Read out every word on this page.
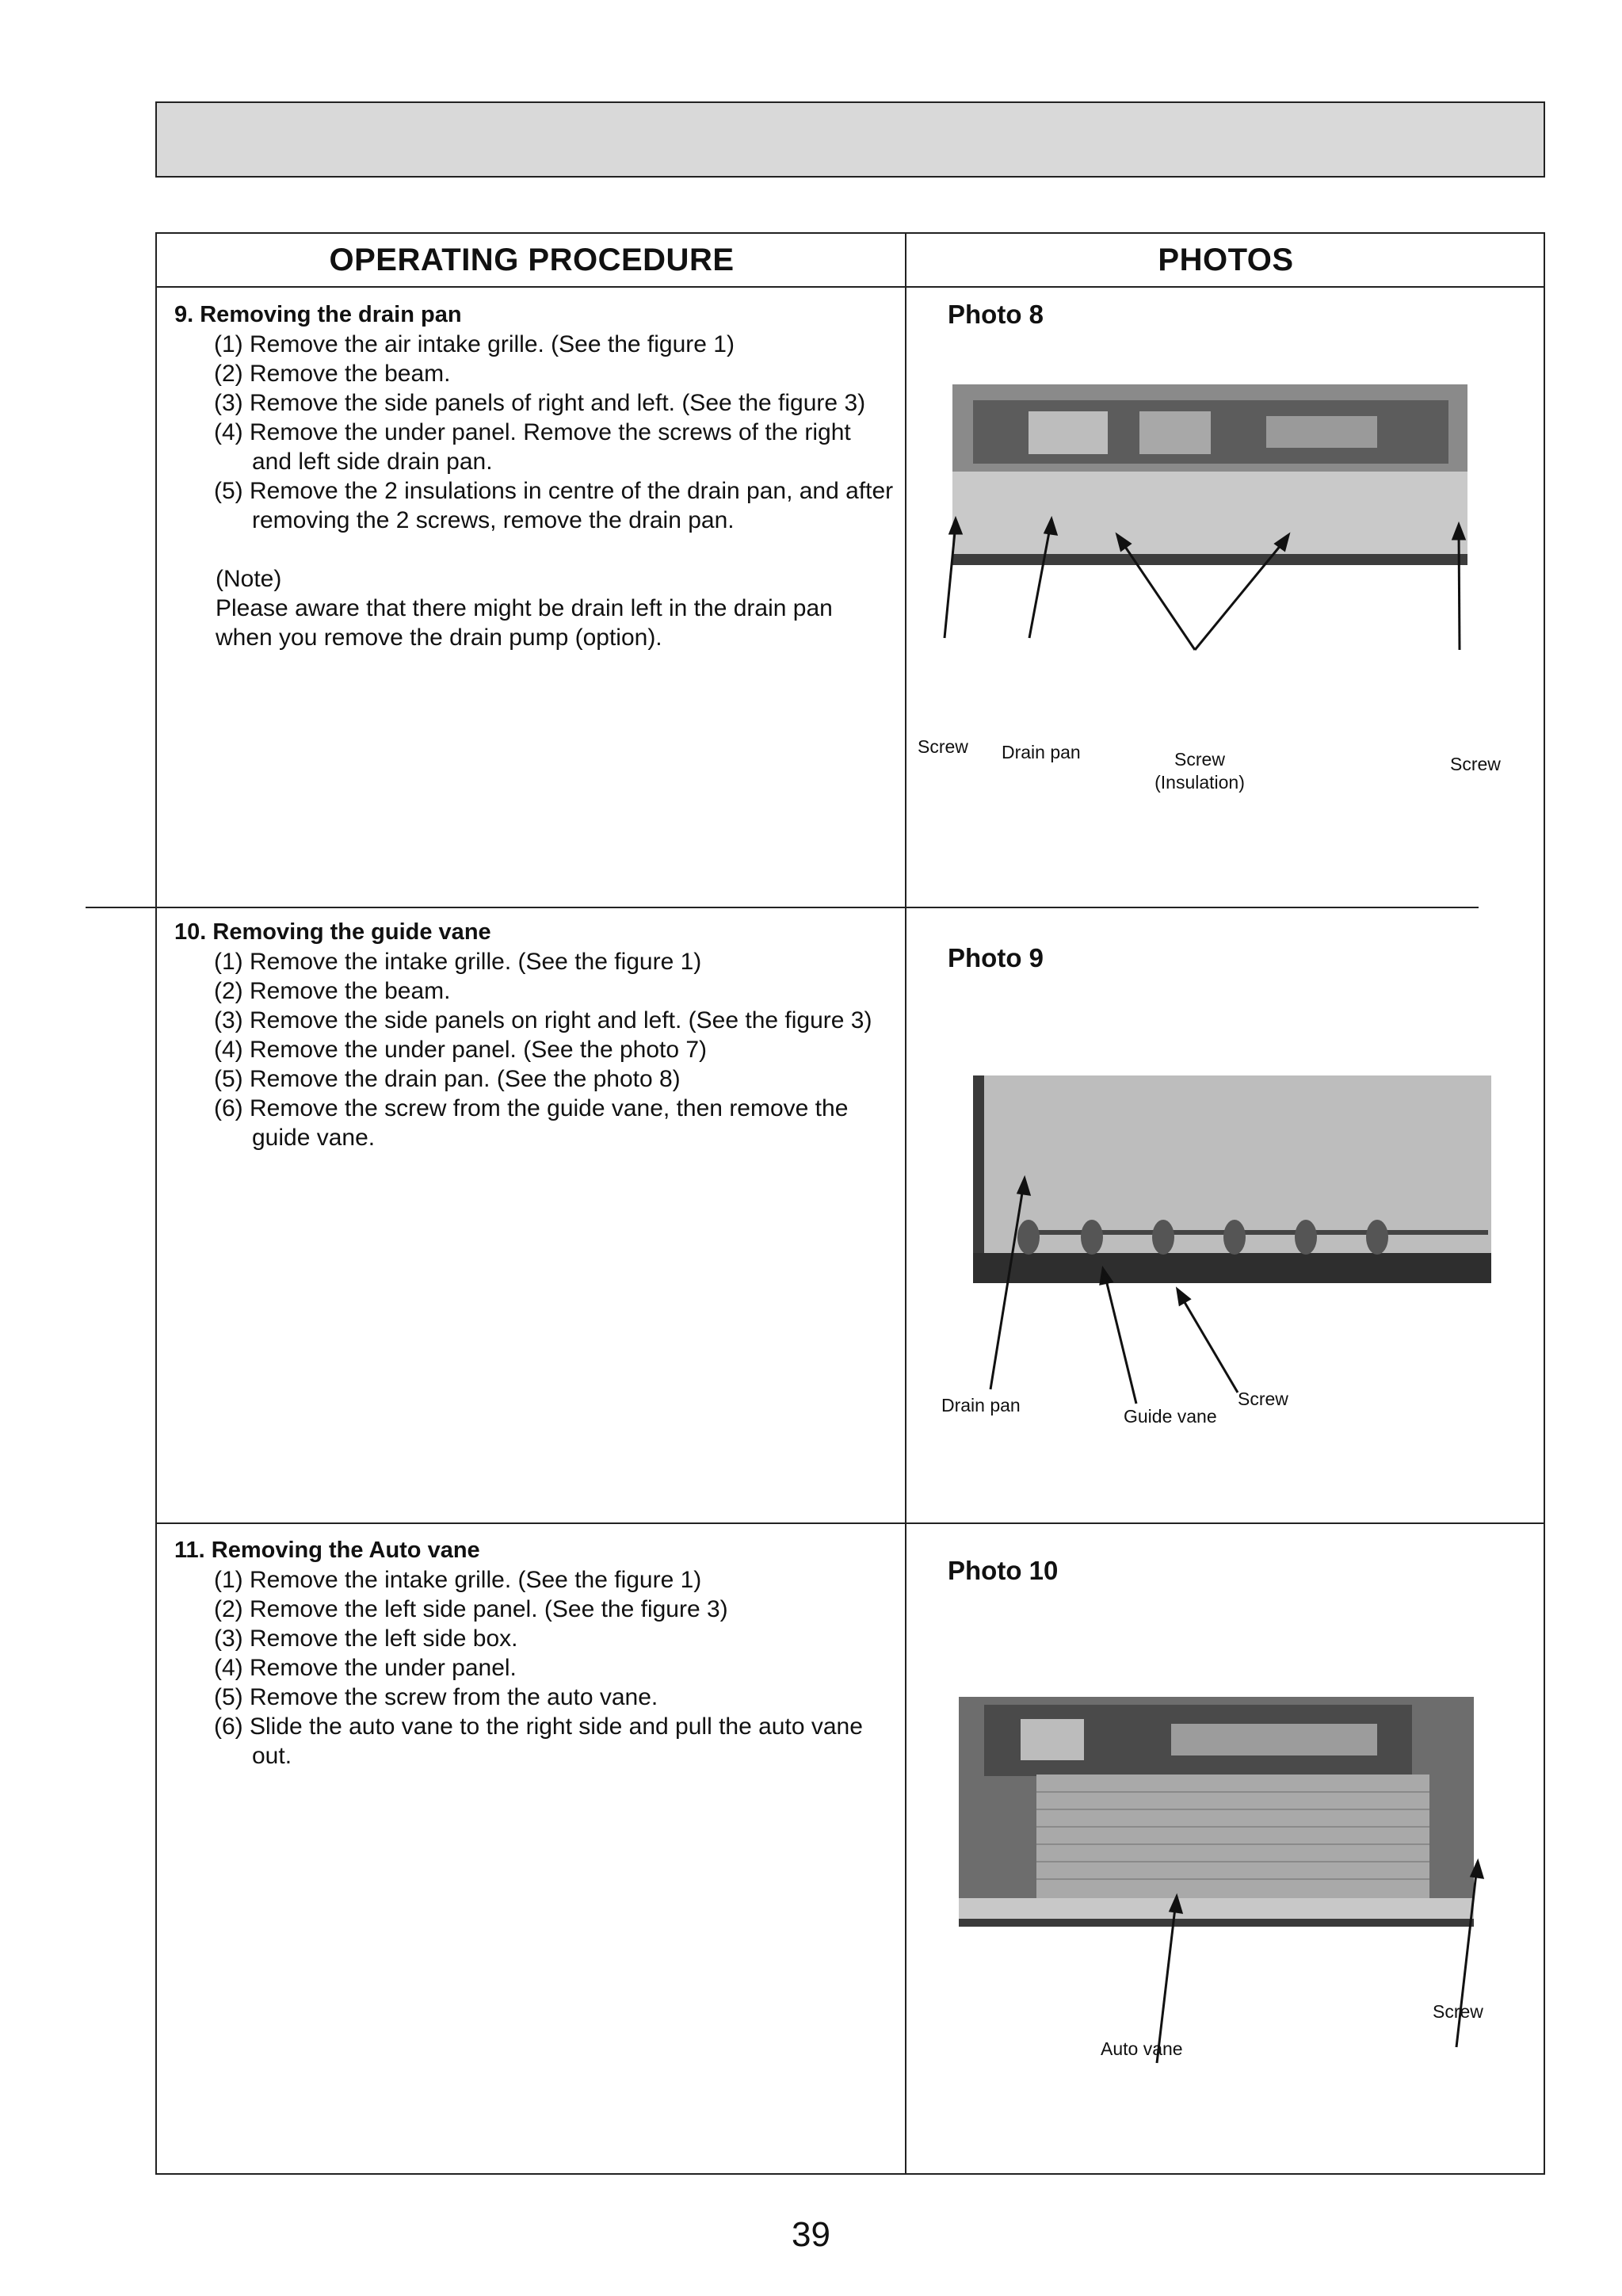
OPERATING PROCEDURE	PHOTOS
9. Removing the drain pan
(1) Remove the air intake grille. (See the figure 1)
(2) Remove the beam.
(3) Remove the side panels of right and left. (See the figure 3)
(4) Remove the under panel. Remove the screws of the right and left side drain pan.
(5) Remove the 2 insulations in centre of the drain pan, and after removing the 2 screws, remove the drain pan.
(Note)
Please aware that there might be drain left in the drain pan when you remove the drain pump (option).
10. Removing the guide vane
(1) Remove the intake grille. (See the figure 1)
(2) Remove the beam.
(3) Remove the side panels on right and left. (See the figure 3)
(4) Remove the under panel. (See the photo 7)
(5) Remove the drain pan. (See the photo 8)
(6) Remove the screw from the guide vane, then remove the guide vane.
11. Removing the Auto vane
(1) Remove the intake grille. (See the figure 1)
(2) Remove the left side panel. (See the figure 3)
(3) Remove the left side box.
(4) Remove the under panel.
(5) Remove the screw from the auto vane.
(6) Slide the auto vane to the right side and pull the auto vane out.
Photo 8
Screw Drain pan	Screw
(Insulation)
Screw
Photo 9
Drain pan
Guide vane
Screw
Photo 10
Auto vane
Screw
39
